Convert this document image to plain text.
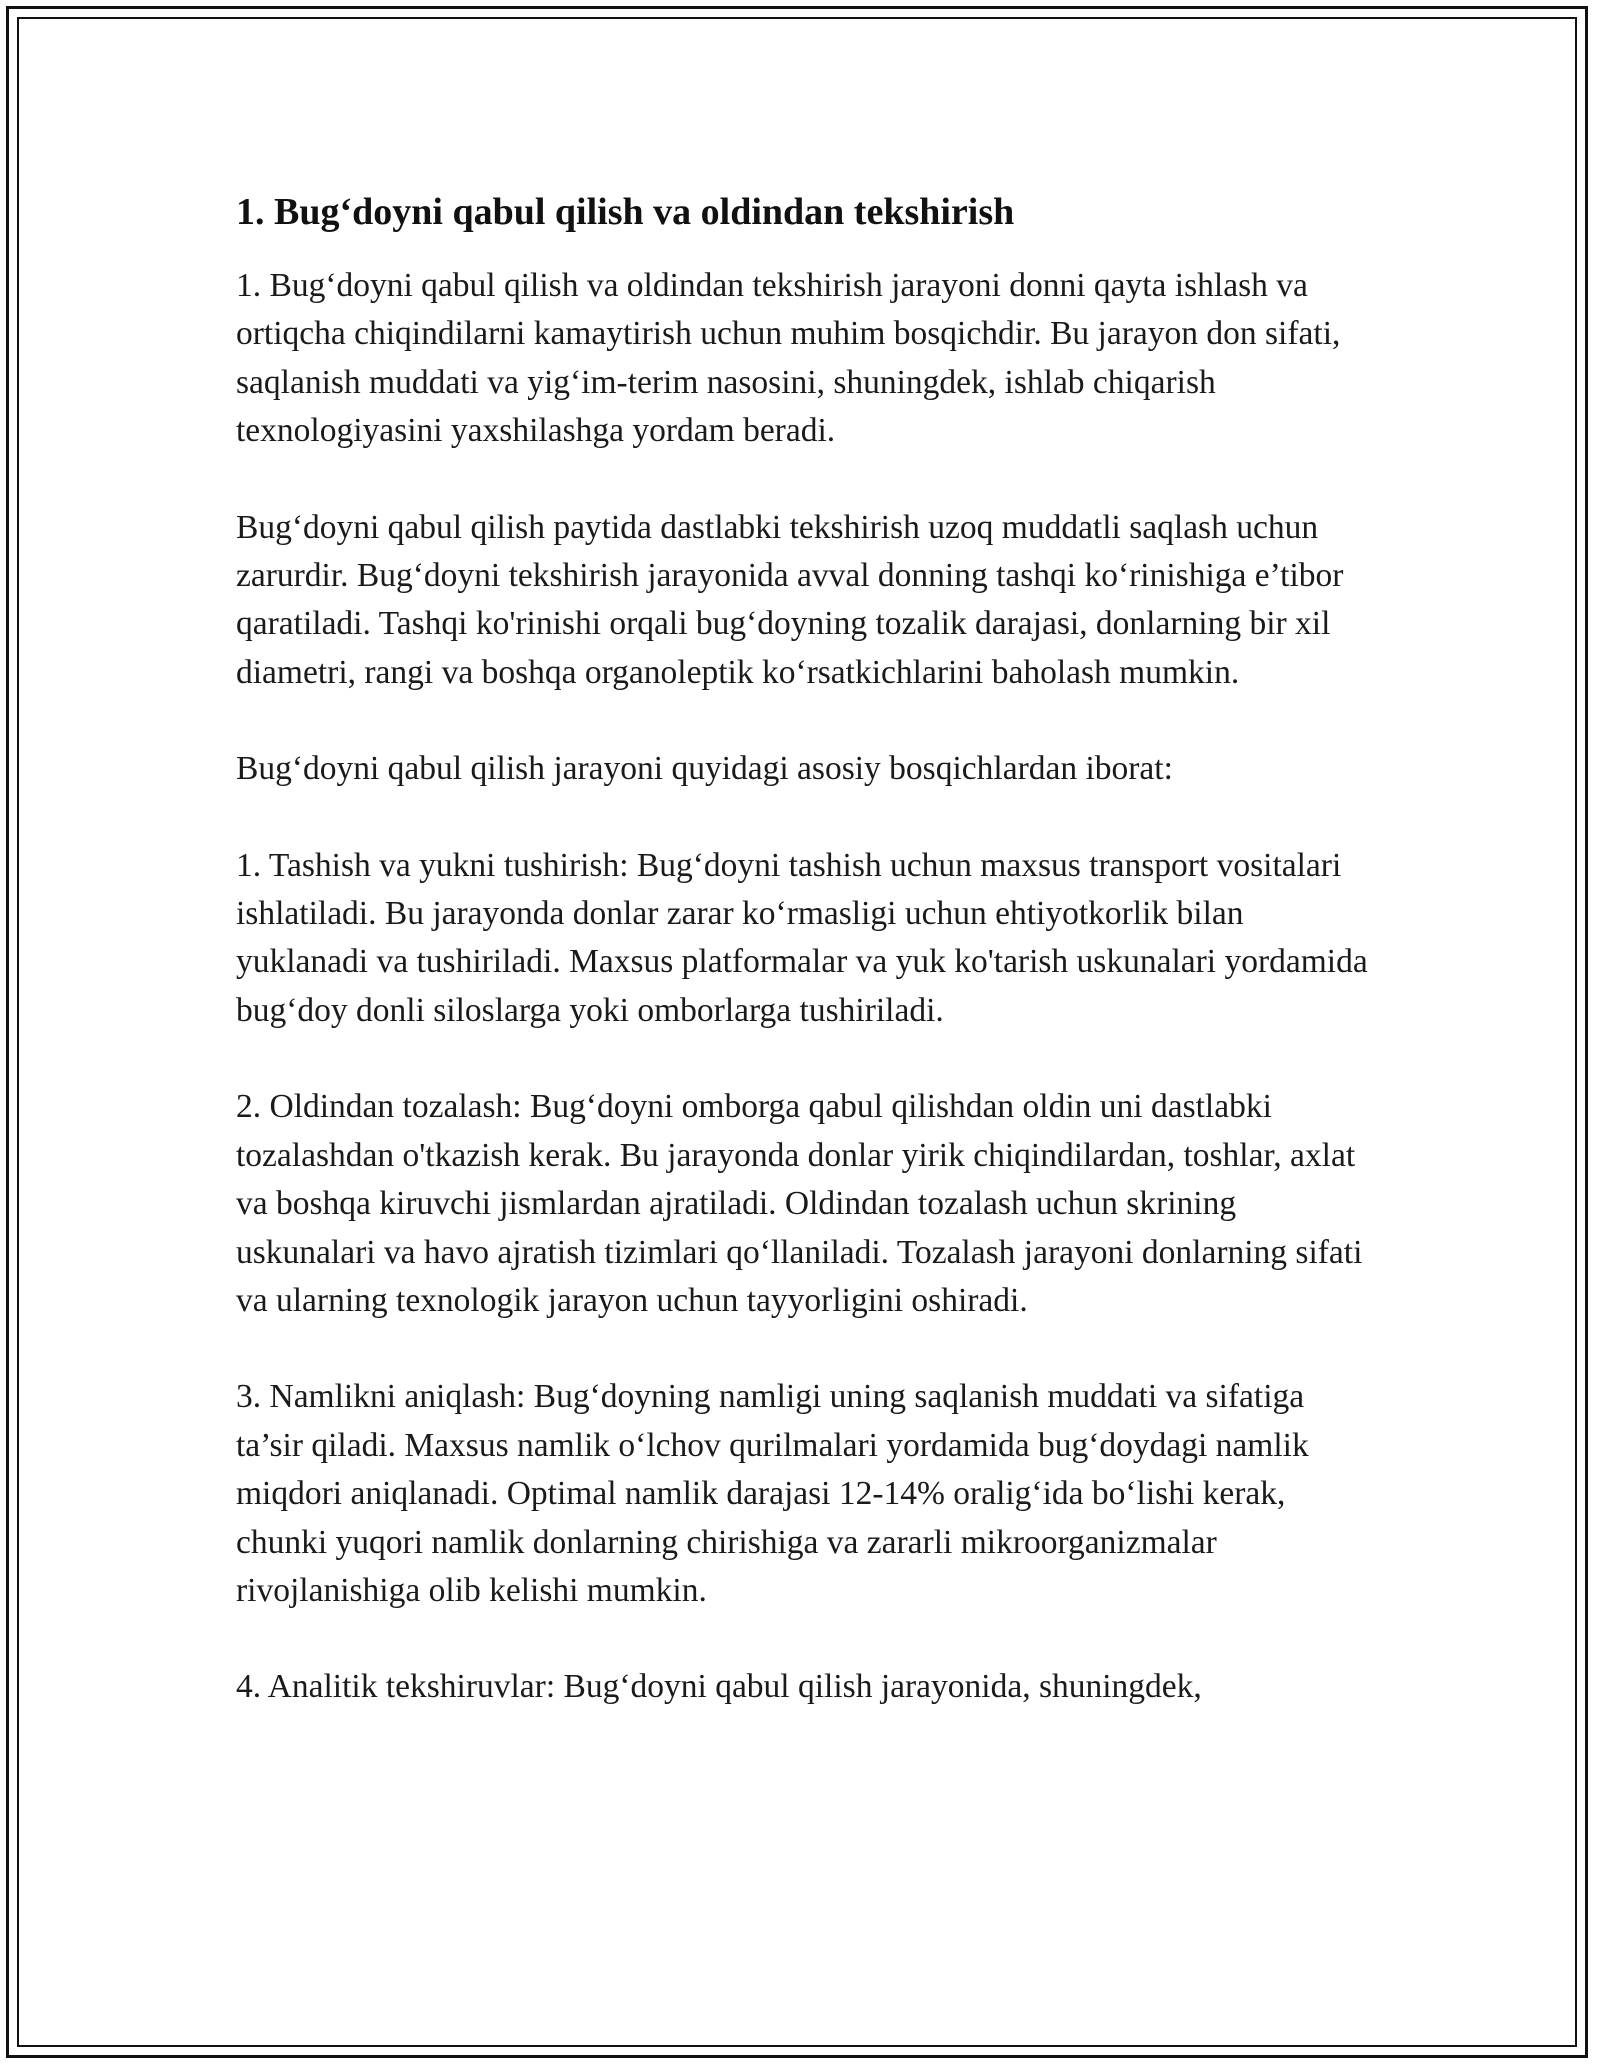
1. Bug‘doyni qabul qilish va oldindan tekshirish

1. Bug‘doyni qabul qilish va oldindan tekshirish jarayoni donni qayta ishlash va ortiqcha chiqindilarni kamaytirish uchun muhim bosqichdir. Bu jarayon don sifati, saqlanish muddati va yig‘im-terim nasosini, shuningdek, ishlab chiqarish texnologiyasini yaxshilashga yordam beradi.

Bug‘doyni qabul qilish paytida dastlabki tekshirish uzoq muddatli saqlash uchun zarurdir. Bug‘doyni tekshirish jarayonida avval donning tashqi ko‘rinishiga e’tibor qaratiladi. Tashqi ko'rinishi orqali bug‘doyning tozalik darajasi, donlarning bir xil diametri, rangi va boshqa organoleptik ko‘rsatkichlarini baholash mumkin.

Bug‘doyni qabul qilish jarayoni quyidagi asosiy bosqichlardan iborat:

1. Tashish va yukni tushirish: Bug‘doyni tashish uchun maxsus transport vositalari ishlatiladi. Bu jarayonda donlar zarar ko‘rmasligi uchun ehtiyotkorlik bilan yuklanadi va tushiriladi. Maxsus platformalar va yuk ko'tarish uskunalari yordamida bug‘doy donli siloslarga yoki omborlarga tushiriladi.

2. Oldindan tozalash: Bug‘doyni omborga qabul qilishdan oldin uni dastlabki tozalashdan o'tkazish kerak. Bu jarayonda donlar yirik chiqindilardan, toshlar, axlat va boshqa kiruvchi jismlardan ajratiladi. Oldindan tozalash uchun skrining uskunalari va havo ajratish tizimlari qo‘llaniladi. Tozalash jarayoni donlarning sifati va ularning texnologik jarayon uchun tayyorligini oshiradi.

3. Namlikni aniqlash: Bug‘doyning namligi uning saqlanish muddati va sifatiga ta’sir qiladi. Maxsus namlik o‘lchov qurilmalari yordamida bug‘doydagi namlik miqdori aniqlanadi. Optimal namlik darajasi 12-14% oralig‘ida bo‘lishi kerak, chunki yuqori namlik donlarning chirishiga va zararli mikroorganizmalar rivojlanishiga olib kelishi mumkin.

4. Analitik tekshiruvlar: Bug‘doyni qabul qilish jarayonida, shuningdek,
